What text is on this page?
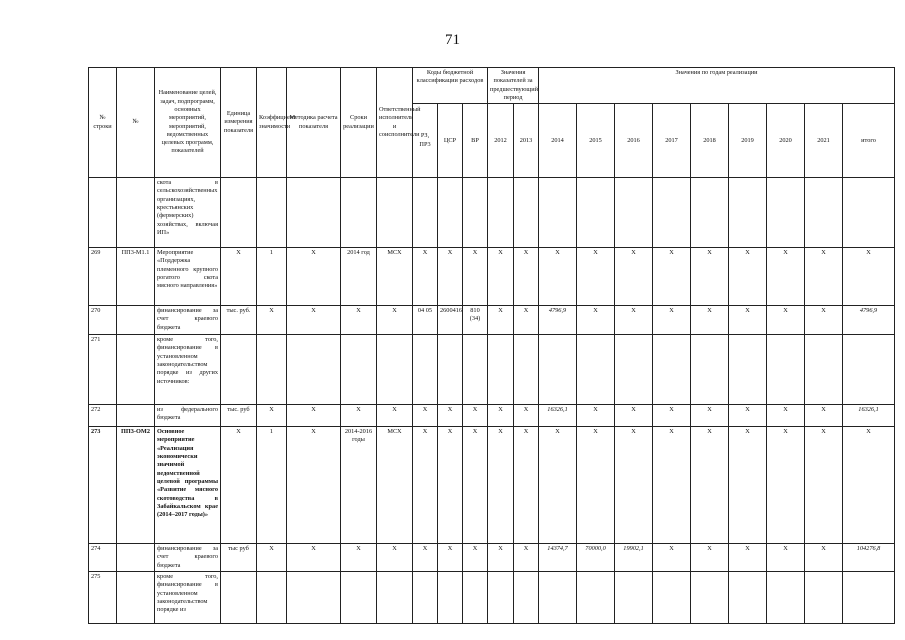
71
№ строки	№	Наименование целей, задач, подпрограмм, основных мероприятий, мероприятий, ведомственных целевых программ, показателей	Единица измерения показателя	Коэффициент значимости	Методика расчета показателя	Сроки реализации	Ответственный исполнитель и соисполнители	Коды бюджетной классификации расходов			Значения показателей за предшествующий период		Значения по годам реализации								
								РЗ, ПР3	ЦСР	ВР	2012	2013	2014	2015	2016	2017	2018	2019	2020	2021	итого
		скота в сельскохозяйственных организациях, крестьянских (фермерских) хозяйствах, включая ИП»																			
269	ПП3-М1.1	Мероприятие «Поддержка племенного крупного рогатого скота мясного направления»	Х	1	Х	2014 год	МСХ	Х	Х	Х	Х	Х	Х	Х	Х	Х	Х	Х	Х	Х	Х
270		финансирование за счет краевого бюджета	тыс. руб.	Х	Х	Х	Х	04 05	2600416	810 (34)	Х	Х	4796,9	Х	Х	Х	Х	Х	Х	Х	4796,9
271		кроме того, финансирование в установленном законодательством порядке из других источников:																			
272		из федерального бюджета	тыс. руб	Х	Х	Х	Х	Х	Х	Х	Х	Х	16326,1	Х	Х	Х	Х	Х	Х	Х	16326,1
273	ПП3-ОМ2	Основное мероприятие «Реализация экономически значимой ведомственной целевой программы «Развитие мясного скотоводства в Забайкальском крае (2014–2017 годы)»	Х	1	Х	2014-2016 годы	МСХ	Х	Х	Х	Х	Х	Х	Х	Х	Х	Х	Х	Х	Х	Х
274		финансирование за счет краевого бюджета	тыс руб	Х	Х	Х	Х	Х	Х	Х	Х	Х	14374,7	70000,0	19902,1	Х	Х	Х	Х	Х	104276,8
275		кроме того, финансирование в установленном законодательством порядке из																			
